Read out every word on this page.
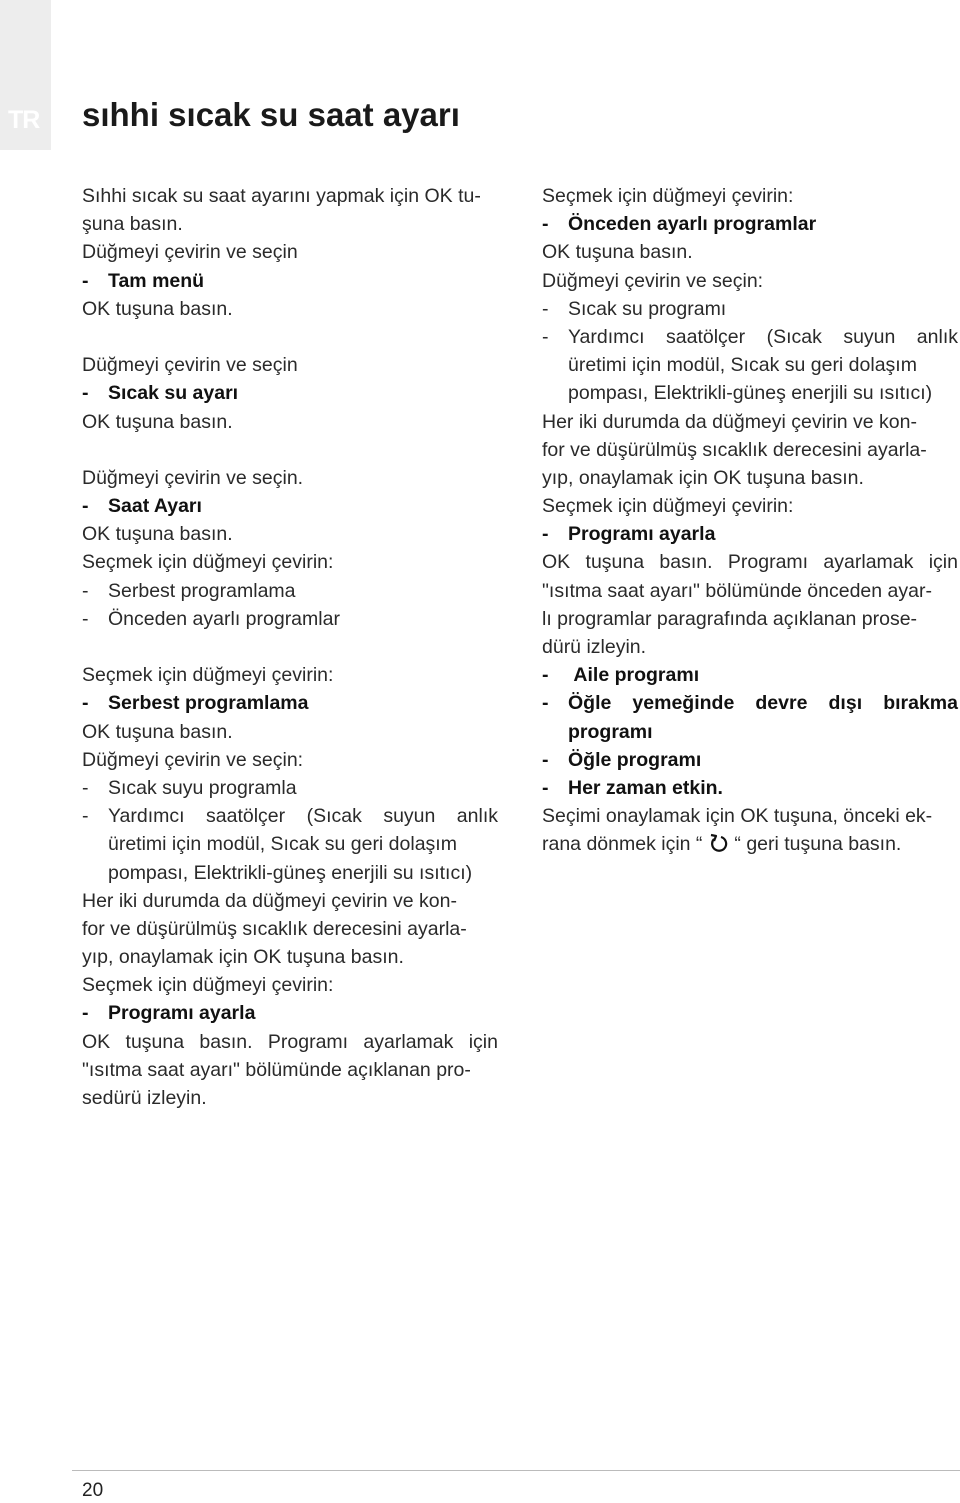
TR sıhhi sıcak su saat ayarı
Sıhhi sıcak su saat ayarını yapmak için OK tu-
şuna basın.
Düğmeyi çevirin ve seçin
- Tam menü
OK tuşuna basın.
Düğmeyi çevirin ve seçin
- Sıcak su ayarı
OK tuşuna basın.
Düğmeyi çevirin ve seçin.
- Saat Ayarı
OK tuşuna basın.
Seçmek için düğmeyi çevirin:
- Serbest programlama
- Önceden ayarlı programlar
Seçmek için düğmeyi çevirin:
- Serbest programlama
OK tuşuna basın.
Düğmeyi çevirin ve seçin:
- Sıcak suyu programla
- Yardımcı saatölçer (Sıcak suyun anlık
üretimi için modül, Sıcak su geri dolaşım
pompası, Elektrikli-güneş enerjili su ısıtıcı)
Her iki durumda da düğmeyi çevirin ve kon-
for ve düşürülmüş sıcaklık derecesini ayarla-
yıp, onaylamak için OK tuşuna basın.
Seçmek için düğmeyi çevirin:
- Programı ayarla
OK tuşuna basın. Programı ayarlamak için
"ısıtma saat ayarı" bölümünde açıklanan pro-
sedürü izleyin.
Seçmek için düğmeyi çevirin:
- Önceden ayarlı programlar
OK tuşuna basın.
Düğmeyi çevirin ve seçin:
- Sıcak su programı
- Yardımcı saatölçer (Sıcak suyun anlık
üretimi için modül, Sıcak su geri dolaşım
pompası, Elektrikli-güneş enerjili su ısıtıcı)
Her iki durumda da düğmeyi çevirin ve kon-
for ve düşürülmüş sıcaklık derecesini ayarla-
yıp, onaylamak için OK tuşuna basın.
Seçmek için düğmeyi çevirin:
- Programı ayarla
OK tuşuna basın. Programı ayarlamak için
"ısıtma saat ayarı" bölümünde önceden ayar-
lı programlar paragrafında açıklanan prose-
dürü izleyin.
- Aile programı
- Öğle yemeğinde devre dışı bırakma
programı
- Öğle programı
- Her zaman etkin.
Seçimi onaylamak için OK tuşuna, önceki ek-
rana dönmek için “ “ geri tuşuna basın.
20
